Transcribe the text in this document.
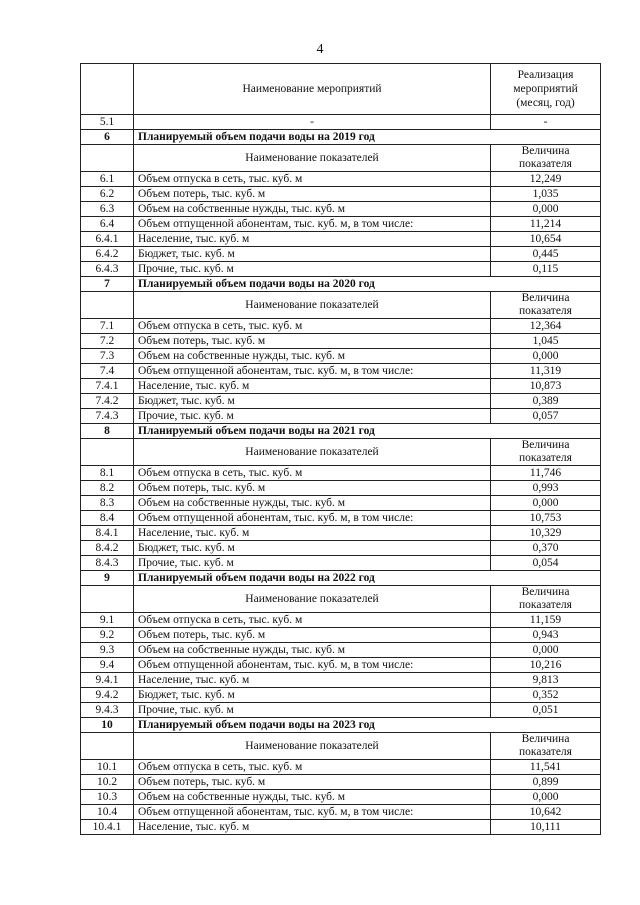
4
	Наименование мероприятий	Реализация мероприятий (месяц, год)
5.1	-	-
6	Планируемый объем подачи воды на 2019 год	
	Наименование показателей	Величина показателя
6.1	Объем отпуска в сеть, тыс. куб. м	12,249
6.2	Объем потерь, тыс. куб. м	1,035
6.3	Объем на собственные нужды, тыс. куб. м	0,000
6.4	Объем отпущенной абонентам, тыс. куб. м, в том числе:	11,214
6.4.1	Население, тыс. куб. м	10,654
6.4.2	Бюджет, тыс. куб. м	0,445
6.4.3	Прочие, тыс. куб. м	0,115
7	Планируемый объем подачи воды на 2020 год	
	Наименование показателей	Величина показателя
7.1	Объем отпуска в сеть, тыс. куб. м	12,364
7.2	Объем потерь, тыс. куб. м	1,045
7.3	Объем на собственные нужды, тыс. куб. м	0,000
7.4	Объем отпущенной абонентам, тыс. куб. м, в том числе:	11,319
7.4.1	Население, тыс. куб. м	10,873
7.4.2	Бюджет, тыс. куб. м	0,389
7.4.3	Прочие, тыс. куб. м	0,057
8	Планируемый объем подачи воды на 2021 год	
	Наименование показателей	Величина показателя
8.1	Объем отпуска в сеть, тыс. куб. м	11,746
8.2	Объем потерь, тыс. куб. м	0,993
8.3	Объем на собственные нужды, тыс. куб. м	0,000
8.4	Объем отпущенной абонентам, тыс. куб. м, в том числе:	10,753
8.4.1	Население, тыс. куб. м	10,329
8.4.2	Бюджет, тыс. куб. м	0,370
8.4.3	Прочие, тыс. куб. м	0,054
9	Планируемый объем подачи воды на 2022 год	
	Наименование показателей	Величина показателя
9.1	Объем отпуска в сеть, тыс. куб. м	11,159
9.2	Объем потерь, тыс. куб. м	0,943
9.3	Объем на собственные нужды, тыс. куб. м	0,000
9.4	Объем отпущенной абонентам, тыс. куб. м, в том числе:	10,216
9.4.1	Население, тыс. куб. м	9,813
9.4.2	Бюджет, тыс. куб. м	0,352
9.4.3	Прочие, тыс. куб. м	0,051
10	Планируемый объем подачи воды на 2023 год	
	Наименование показателей	Величина показателя
10.1	Объем отпуска в сеть, тыс. куб. м	11,541
10.2	Объем потерь, тыс. куб. м	0,899
10.3	Объем на собственные нужды, тыс. куб. м	0,000
10.4	Объем отпущенной абонентам, тыс. куб. м, в том числе:	10,642
10.4.1	Население, тыс. куб. м	10,111
